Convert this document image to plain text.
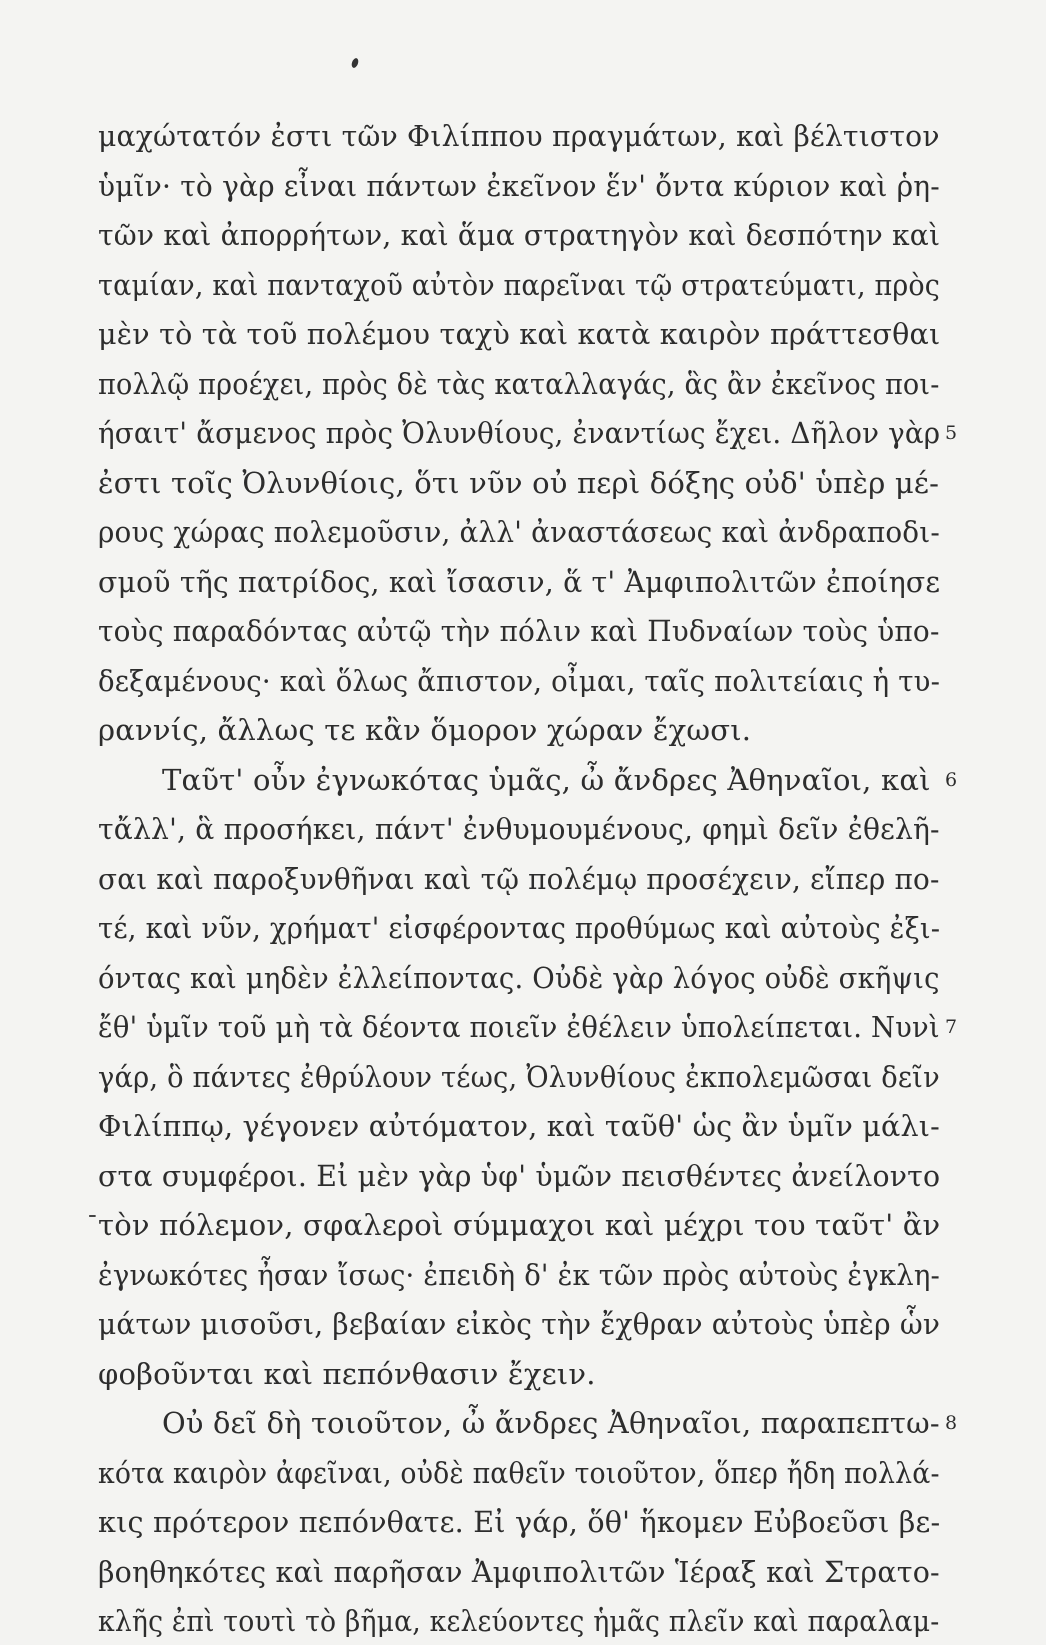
μαχώτατόν ἐστι τῶν Φιλίππου πραγμάτων, καὶ βέλτιστον
ὑμῖν· τὸ γὰρ εἶναι πάντων ἐκεῖνον ἕν' ὄντα κύριον καὶ ῥη-
τῶν καὶ ἀπορρήτων, καὶ ἅμα στρατηγὸν καὶ δεσπότην καὶ
ταμίαν, καὶ πανταχοῦ αὐτὸν παρεῖναι τῷ στρατεύματι, πρὸς
μὲν τὸ τὰ τοῦ πολέμου ταχὺ καὶ κατὰ καιρὸν πράττεσθαι
πολλῷ προέχει, πρὸς δὲ τὰς καταλλαγάς, ἃς ἂν ἐκεῖνος ποι-
ήσαιτ' ἄσμενος πρὸς Ὀλυνθίους, ἐναντίως ἔχει. Δῆλον γὰρ
ἐστι τοῖς Ὀλυνθίοις, ὅτι νῦν οὐ περὶ δόξης οὐδ' ὑπὲρ μέ-
ρους χώρας πολεμοῦσιν, ἀλλ' ἀναστάσεως καὶ ἀνδραποδι-
σμοῦ τῆς πατρίδος, καὶ ἴσασιν, ἅ τ' Ἀμφιπολιτῶν ἐποίησε
τοὺς παραδόντας αὐτῷ τὴν πόλιν καὶ Πυδναίων τοὺς ὑπο-
δεξαμένους· καὶ ὅλως ἄπιστον, οἶμαι, ταῖς πολιτείαις ἡ τυ-
ραννίς, ἄλλως τε κἂν ὅμορον χώραν ἔχωσι.
Ταῦτ' οὖν ἐγνωκότας ὑμᾶς, ὦ ἄνδρες Ἀθηναῖοι, καὶ
τἄλλ', ἃ προσήκει, πάντ' ἐνθυμουμένους, φημὶ δεῖν ἐθελῆ-
σαι καὶ παροξυνθῆναι καὶ τῷ πολέμῳ προσέχειν, εἴπερ πο-
τέ, καὶ νῦν, χρήματ' εἰσφέροντας προθύμως καὶ αὐτοὺς ἐξι-
όντας καὶ μηδὲν ἐλλείποντας. Οὐδὲ γὰρ λόγος οὐδὲ σκῆψις
ἔθ' ὑμῖν τοῦ μὴ τὰ δέοντα ποιεῖν ἐθέλειν ὑπολείπεται. Νυνὶ
γάρ, ὃ πάντες ἐθρύλουν τέως, Ὀλυνθίους ἐκπολεμῶσαι δεῖν
Φιλίππῳ, γέγονεν αὐτόματον, καὶ ταῦθ' ὡς ἂν ὑμῖν μάλι-
στα συμφέροι. Εἰ μὲν γὰρ ὑφ' ὑμῶν πεισθέντες ἀνείλοντο
τὸν πόλεμον, σφαλεροὶ σύμμαχοι καὶ μέχρι του ταῦτ' ἂν
ἐγνωκότες ἦσαν ἴσως· ἐπειδὴ δ' ἐκ τῶν πρὸς αὐτοὺς ἐγκλη-
μάτων μισοῦσι, βεβαίαν εἰκὸς τὴν ἔχθραν αὐτοὺς ὑπὲρ ὧν
φοβοῦνται καὶ πεπόνθασιν ἔχειν.
Οὐ δεῖ δὴ τοιοῦτον, ὦ ἄνδρες Ἀθηναῖοι, παραπεπτω-
κότα καιρὸν ἀφεῖναι, οὐδὲ παθεῖν τοιοῦτον, ὅπερ ἤδη πολλά-
κις πρότερον πεπόνθατε. Εἰ γάρ, ὅθ' ἥκομεν Εὐβοεῦσι βε-
βοηθηκότες καὶ παρῆσαν Ἀμφιπολιτῶν Ἱέραξ καὶ Στρατο-
κλῆς ἐπὶ τουτὶ τὸ βῆμα, κελεύοντες ἡμᾶς πλεῖν καὶ παραλαμ-
-
5
6
7
8
